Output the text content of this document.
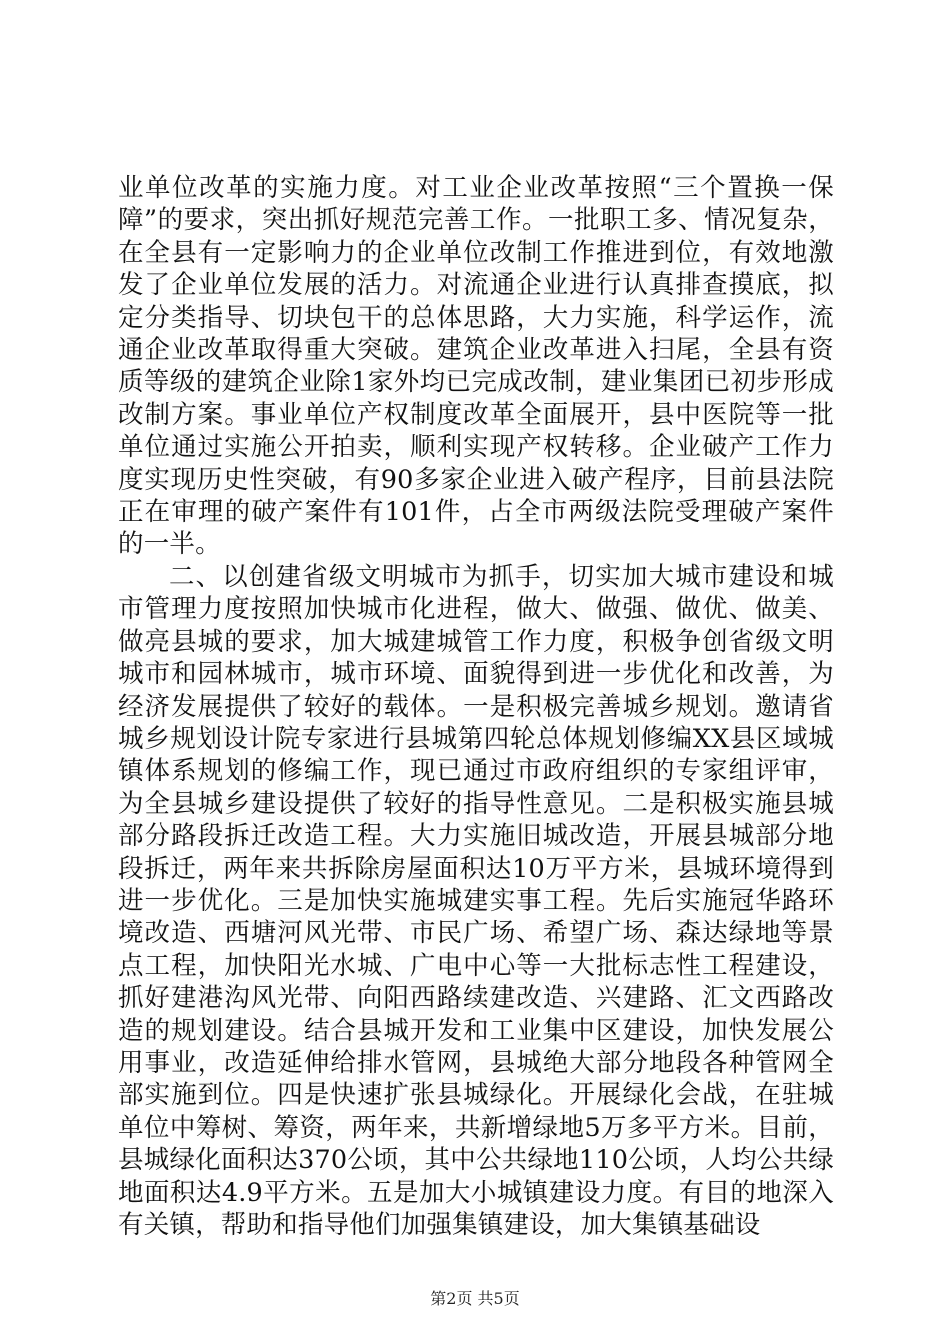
业单位改革的实施力度。对工业企业改革按照“三个置换一保障”的要求，突出抓好规范完善工作。一批职工多、情况复杂，在全县有一定影响力的企业单位改制工作推进到位，有效地激发了企业单位发展的活力。对流通企业进行认真排查摸底，拟定分类指导、切块包干的总体思路，大力实施，科学运作，流通企业改革取得重大突破。建筑企业改革进入扫尾，全县有资质等级的建筑企业除1家外均已完成改制，建业集团已初步形成改制方案。事业单位产权制度改革全面展开，县中医院等一批单位通过实施公开拍卖，顺利实现产权转移。企业破产工作力度实现历史性突破，有90多家企业进入破产程序，目前县法院正在审理的破产案件有101件，占全市两级法院受理破产案件的一半。

二、以创建省级文明城市为抓手，切实加大城市建设和城市管理力度按照加快城市化进程，做大、做强、做优、做美、做亮县城的要求，加大城建城管工作力度，积极争创省级文明城市和园林城市，城市环境、面貌得到进一步优化和改善，为经济发展提供了较好的载体。一是积极完善城乡规划。邀请省城乡规划设计院专家进行县城第四轮总体规划修编XX县区域城镇体系规划的修编工作，现已通过市政府组织的专家组评审，为全县城乡建设提供了较好的指导性意见。二是积极实施县城部分路段拆迁改造工程。大力实施旧城改造，开展县城部分地段拆迁，两年来共拆除房屋面积达10万平方米，县城环境得到进一步优化。三是加快实施城建实事工程。先后实施冠华路环境改造、西塘河风光带、市民广场、希望广场、森达绿地等景点工程，加快阳光水城、广电中心等一大批标志性工程建设，抓好建港沟风光带、向阳西路续建改造、兴建路、汇文西路改造的规划建设。结合县城开发和工业集中区建设，加快发展公用事业，改造延伸给排水管网，县城绝大部分地段各种管网全部实施到位。四是快速扩张县城绿化。开展绿化会战，在驻城单位中筹树、筹资，两年来，共新增绿地5万多平方米。目前，县城绿化面积达370公顷，其中公共绿地110公顷，人均公共绿地面积达4.9平方米。五是加大小城镇建设力度。有目的地深入有关镇，帮助和指导他们加强集镇建设，加大集镇基础设

第2页 共5页
